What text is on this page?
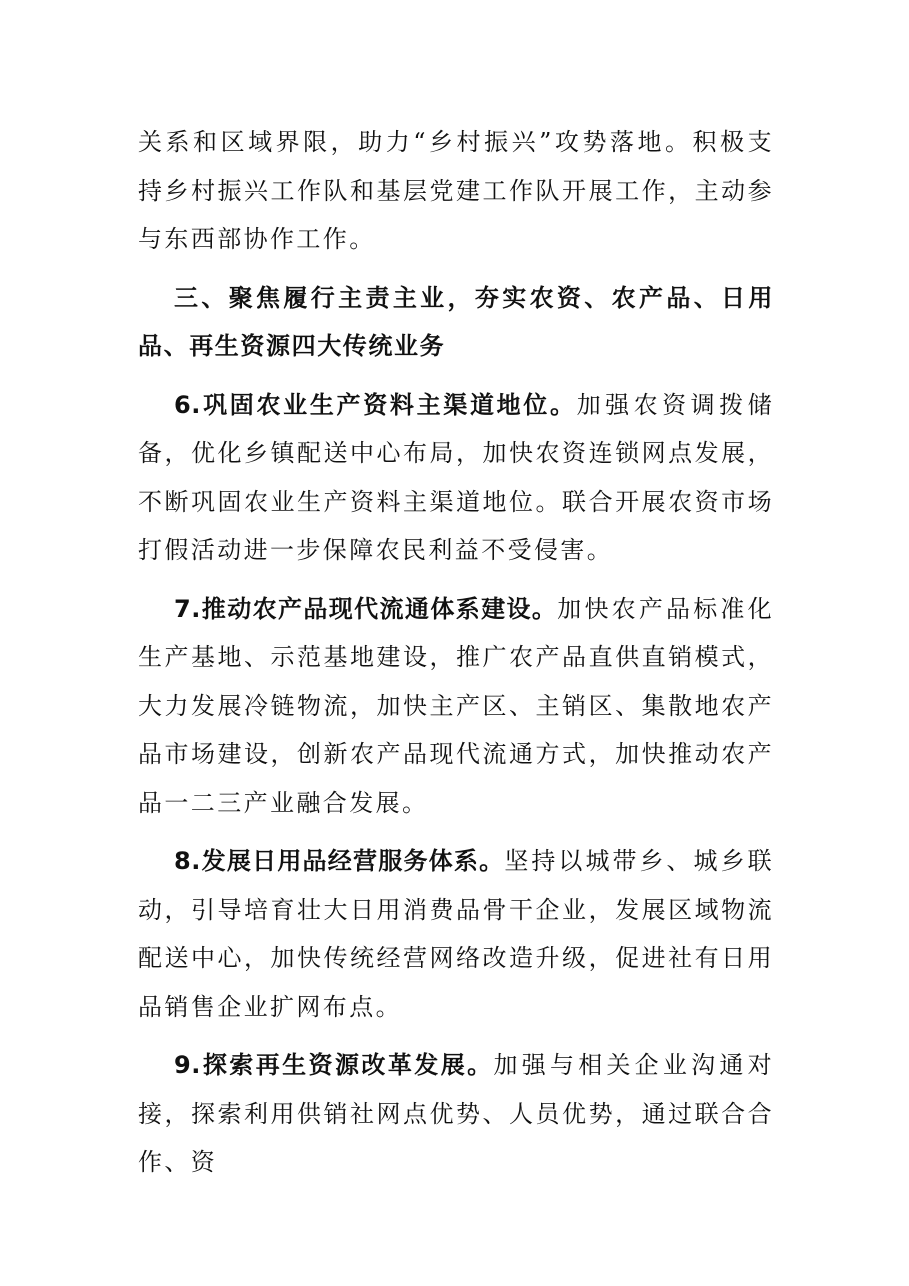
关系和区域界限，助力“乡村振兴”攻势落地。积极支持乡村振兴工作队和基层党建工作队开展工作，主动参与东西部协作工作。

三、聚焦履行主责主业，夯实农资、农产品、日用品、再生资源四大传统业务

6.巩固农业生产资料主渠道地位。加强农资调拨储备，优化乡镇配送中心布局，加快农资连锁网点发展，不断巩固农业生产资料主渠道地位。联合开展农资市场打假活动进一步保障农民利益不受侵害。

7.推动农产品现代流通体系建设。加快农产品标准化生产基地、示范基地建设，推广农产品直供直销模式，大力发展冷链物流，加快主产区、主销区、集散地农产品市场建设，创新农产品现代流通方式，加快推动农产品一二三产业融合发展。

8.发展日用品经营服务体系。坚持以城带乡、城乡联动，引导培育壮大日用消费品骨干企业，发展区域物流配送中心，加快传统经营网络改造升级，促进社有日用品销售企业扩网布点。

9.探索再生资源改革发展。加强与相关企业沟通对接，探索利用供销社网点优势、人员优势，通过联合合作、资
